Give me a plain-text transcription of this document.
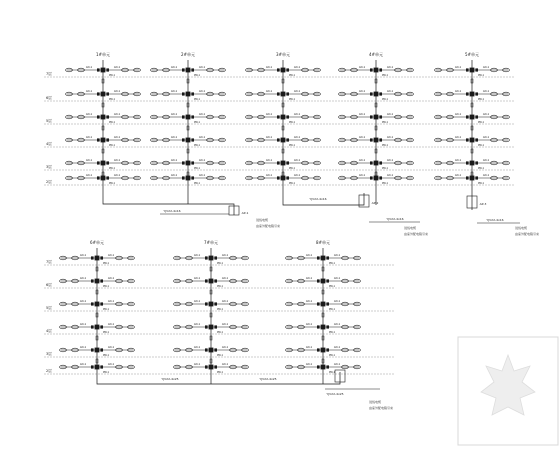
7层
6层
5层
4层
3层
2层
7层
6层
5层
4层
3层
2层
1#单元
AD-1	AD-1
PW-1
AD-1	AD-1
PW-1
AD-1	AD-1
PW-1
AD-1	AD-1
PW-1
AD-1	AD-1
PW-1
AD-1	AD-1
PW-1
2#单元
AD-1	AD-1
PW-1
AD-1	AD-1
PW-1
AD-1	AD-1
PW-1
AD-1	AD-1
PW-1
AD-1	AD-1
PW-1
AD-1	AD-1
PW-1
3#单元
AD-1	AD-1
PW-1
AD-1	AD-1
PW-1
AD-1	AD-1
PW-1
AD-1	AD-1
PW-1
AD-1	AD-1
PW-1
AD-1	AD-1
PW-1
4#单元
AD-1	AD-1
PW-1
AD-1	AD-1
PW-1
AD-1	AD-1
PW-1
AD-1	AD-1
PW-1
AD-1	AD-1
PW-1
AD-1	AD-1
PW-1
5#单元
AD-1	AD-1
PW-1
AD-1	AD-1
PW-1
AD-1	AD-1
PW-1
AD-1	AD-1
PW-1
AD-1	AD-1
PW-1
AD-1	AD-1
PW-1
6#单元
AD-1	AD-1
PW-1
AD-1	AD-1
PW-1
AD-1	AD-1
PW-1
AD-1	AD-1
PW-1
AD-1	AD-1
PW-1
AD-1	AD-1
PW-1
7#单元
AD-1	AD-1
PW-1
AD-1	AD-1
PW-1
AD-1	AD-1
PW-1
AD-1	AD-1
PW-1
AD-1	AD-1
PW-1
AD-1	AD-1
PW-1
8#单元
AD-1	AD-1
PW-1
AD-1	AD-1
PW-1
AD-1	AD-1
PW-1
AD-1	AD-1
PW-1
AD-1	AD-1
PW-1
AD-1	AD-1
PW-1
AP-1
AP-2	AP-3
YJV22-4x16
YJV22-4x16
YJV22-4x16	YJV22-4x16
进线电缆
由室外配电箱引来	进线电缆
由室外配电箱引来
进线电缆
由室外配电箱引来
YJV22-4x25	YJV22-4x25
YJV22-4x25
进线电缆
由室外配电箱引来
